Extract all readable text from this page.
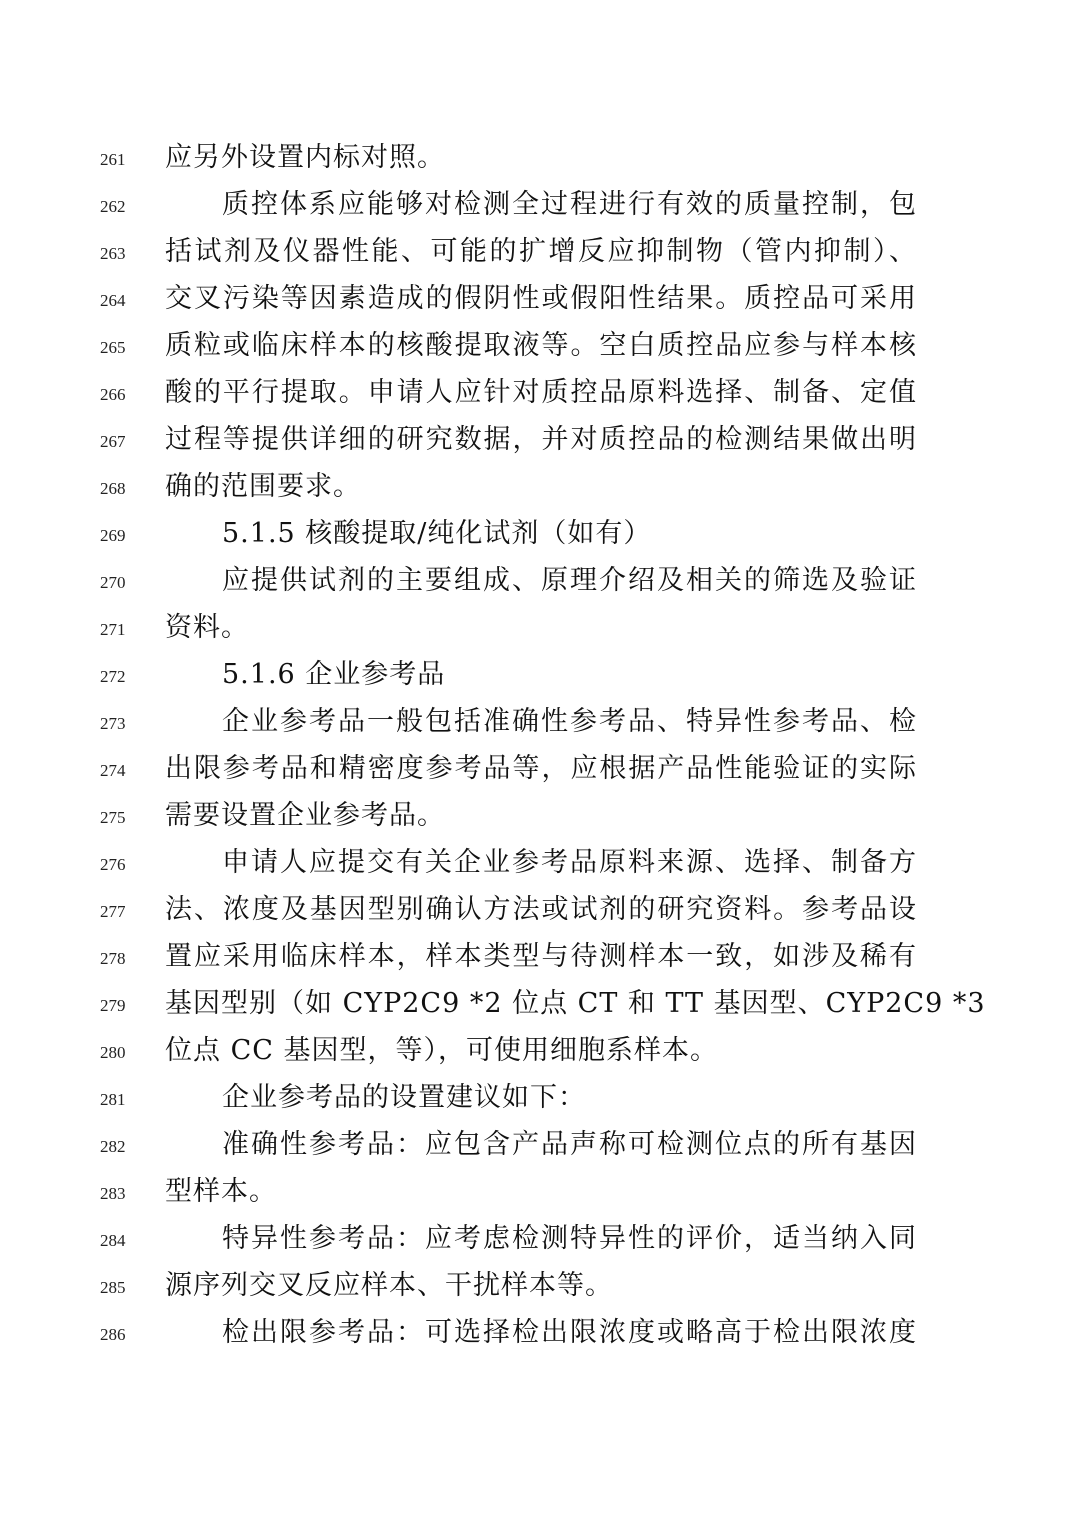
261	应另外设置内标对照。
262	质控体系应能够对检测全过程进行有效的质量控制，包
263	括试剂及仪器性能、可能的扩增反应抑制物（管内抑制）、
264	交叉污染等因素造成的假阴性或假阳性结果。质控品可采用
265	质粒或临床样本的核酸提取液等。空白质控品应参与样本核
266	酸的平行提取。申请人应针对质控品原料选择、制备、定值
267	过程等提供详细的研究数据，并对质控品的检测结果做出明
268	确的范围要求。
269	5.1.5 核酸提取/纯化试剂（如有）
270	应提供试剂的主要组成、原理介绍及相关的筛选及验证
271	资料。
272	5.1.6 企业参考品
273	企业参考品一般包括准确性参考品、特异性参考品、检
274	出限参考品和精密度参考品等，应根据产品性能验证的实际
275	需要设置企业参考品。
276	申请人应提交有关企业参考品原料来源、选择、制备方
277	法、浓度及基因型别确认方法或试剂的研究资料。参考品设
278	置应采用临床样本，样本类型与待测样本一致，如涉及稀有
279	基因型别（如 CYP2C9 *2 位点 CT 和 TT 基因型、CYP2C9 *3
280	位点 CC 基因型，等），可使用细胞系样本。
281	企业参考品的设置建议如下：
282	准确性参考品：应包含产品声称可检测位点的所有基因
283	型样本。
284	特异性参考品：应考虑检测特异性的评价，适当纳入同
285	源序列交叉反应样本、干扰样本等。
286	检出限参考品：可选择检出限浓度或略高于检出限浓度
